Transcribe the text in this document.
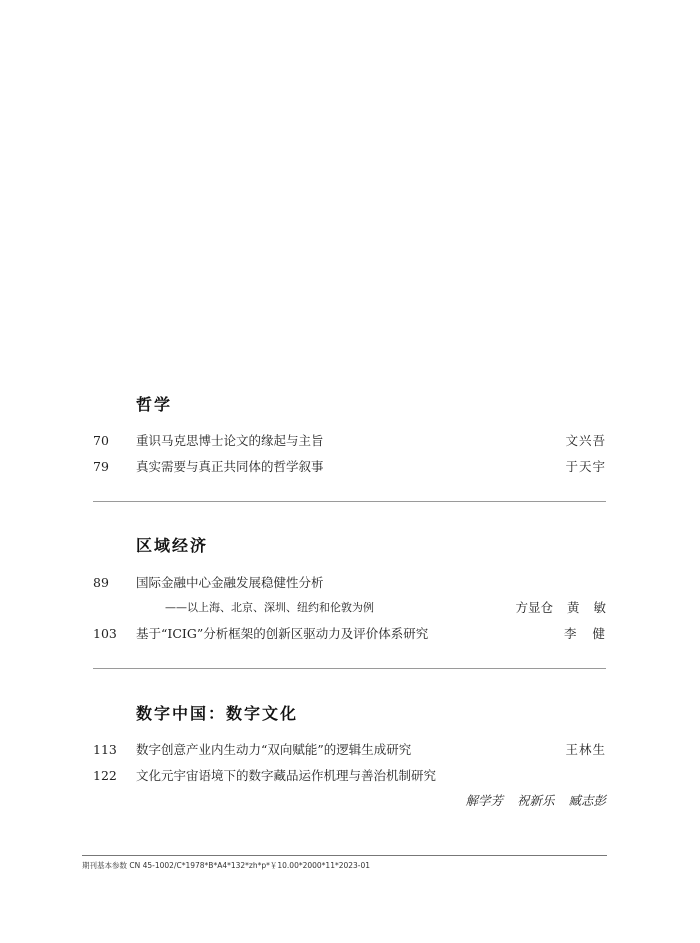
哲学
70 重识马克思博士论文的缘起与主旨	文兴吾
79 真实需要与真正共同体的哲学叙事	于天宇
区域经济
89 国际金融中心金融发展稳健性分析
——以上海、北京、深圳、纽约和伦敦为例	方显仓 黄 敏
103 基于“ICIG”分析框架的创新区驱动力及评价体系研究	李 健
数字中国：数字文化
113 数字创意产业内生动力“双向赋能”的逻辑生成研究	王林生
122 文化元宇宙语境下的数字藏品运作机理与善治机制研究
解学芳 祝新乐 臧志彭
期刊基本参数 CN 45-1002/C*1978*B*A4*132*zh*p*￥10.00*2000*11*2023-01
